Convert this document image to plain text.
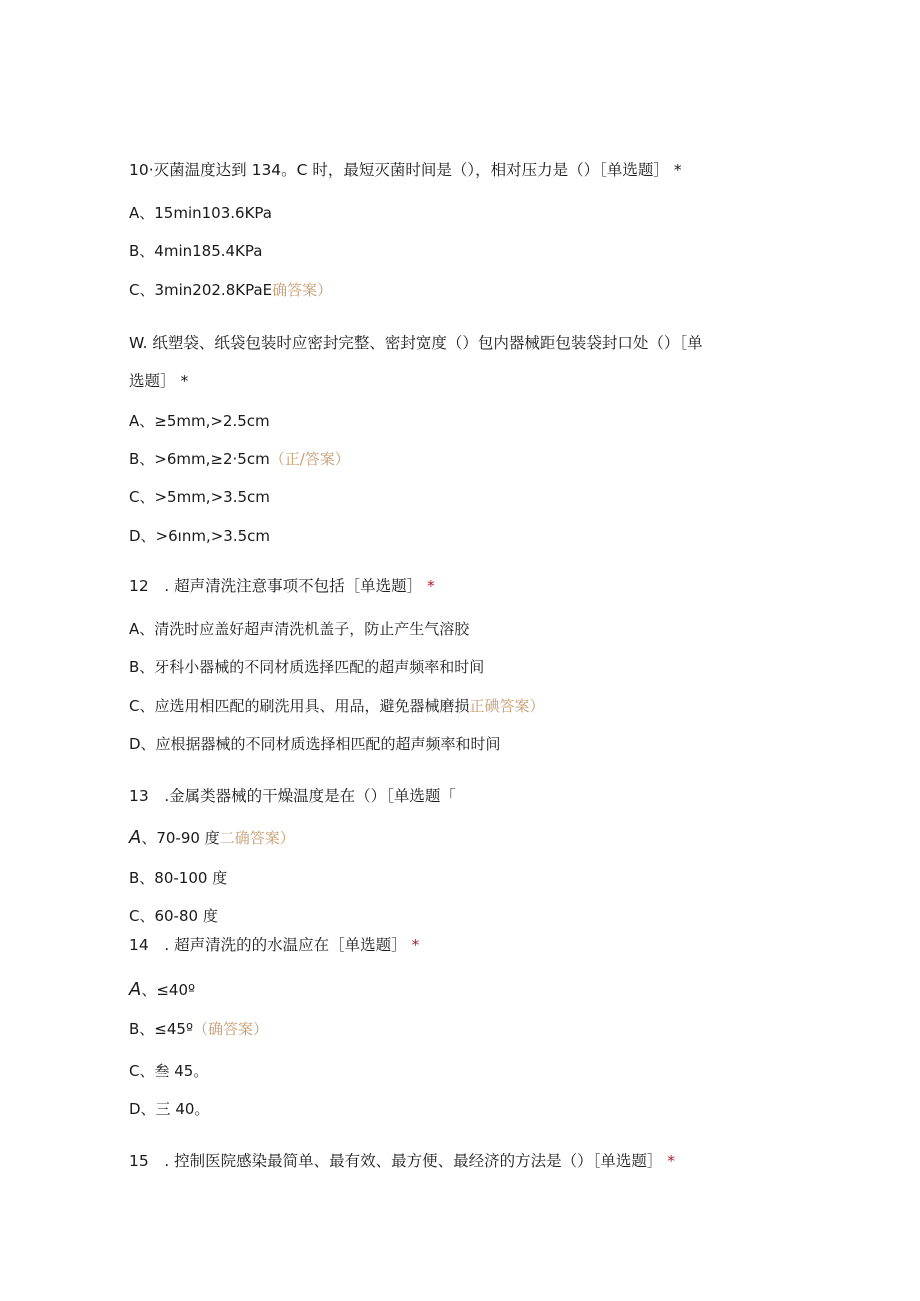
10·灭菌温度达到 134。C 时，最短灭菌时间是（），相对压力是（）［单选题］ *
A、15min103.6KPa
B、4min185.4KPa
C、3min202.8KPaE确答案）
W. 纸塑袋、纸袋包装时应密封完整、密封宽度（）包内器械距包装袋封口处（）［单
选题］ *
A、≥5mm,>2.5cm
B、>6mm,≥2·5cm（正/答案）
C、>5mm,>3.5cm
D、>6ınm,>3.5cm
12　. 超声清洗注意事项不包括［单选题］ *
A、清洗时应盖好超声清洗机盖子，防止产生气溶胶
B、牙科小器械的不同材质选择匹配的超声频率和时间
C、应选用相匹配的刷洗用具、用品，避免器械磨损正碘答案）
D、应根据器械的不同材质选择相匹配的超声频率和时间
13　.金属类器械的干燥温度是在（）［单选题「
A、70-90 度二确答案）
B、80-100 度
C、60-80 度
14　. 超声清洗的的水温应在［单选题］ *
A、≤40º
B、≤45º（确答案）
C、叁 45。
D、三 40。
15　. 控制医院感染最简单、最有效、最方便、最经济的方法是（）［单选题］ *
